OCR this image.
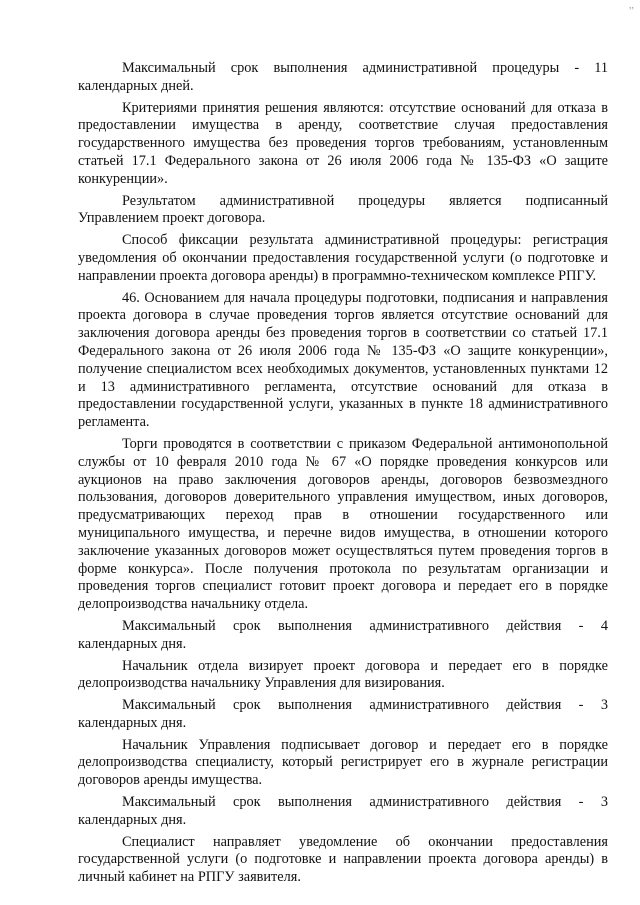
,,

Максимальный срок выполнения административной процедуры - 11 календарных дней.

Критериями принятия решения являются: отсутствие оснований для отказа в предоставлении имущества в аренду, соответствие случая предоставления государственного имущества без проведения торгов требованиям, установленным статьей 17.1 Федерального закона от 26 июля 2006 года № 135-ФЗ «О защите конкуренции».

Результатом административной процедуры является подписанный Управлением проект договора.

Способ фиксации результата административной процедуры: регистрация уведомления об окончании предоставления государственной услуги (о подготовке и направлении проекта договора аренды) в программно-техническом комплексе РПГУ.

46. Основанием для начала процедуры подготовки, подписания и направления проекта договора в случае проведения торгов является отсутствие оснований для заключения договора аренды без проведения торгов в соответствии со статьей 17.1 Федерального закона от 26 июля 2006 года № 135-ФЗ «О защите конкуренции», получение специалистом всех необходимых документов, установленных пунктами 12 и 13 административного регламента, отсутствие оснований для отказа в предоставлении государственной услуги, указанных в пункте 18 административного регламента.

Торги проводятся в соответствии с приказом Федеральной антимонопольной службы от 10 февраля 2010 года № 67 «О порядке проведения конкурсов или аукционов на право заключения договоров аренды, договоров безвозмездного пользования, договоров доверительного управления имуществом, иных договоров, предусматривающих переход прав в отношении государственного или муниципального имущества, и перечне видов имущества, в отношении которого заключение указанных договоров может осуществляться путем проведения торгов в форме конкурса». После получения протокола по результатам организации и проведения торгов специалист готовит проект договора и передает его в порядке делопроизводства начальнику отдела.

Максимальный срок выполнения административного действия - 4 календарных дня.

Начальник отдела визирует проект договора и передает его в порядке делопроизводства начальнику Управления для визирования.

Максимальный срок выполнения административного действия - 3 календарных дня.

Начальник Управления подписывает договор и передает его в порядке делопроизводства специалисту, который регистрирует его в журнале регистрации договоров аренды имущества.

Максимальный срок выполнения административного действия - 3 календарных дня.

Специалист направляет уведомление об окончании предоставления государственной услуги (о подготовке и направлении проекта договора аренды) в личный кабинет на РПГУ заявителя.
